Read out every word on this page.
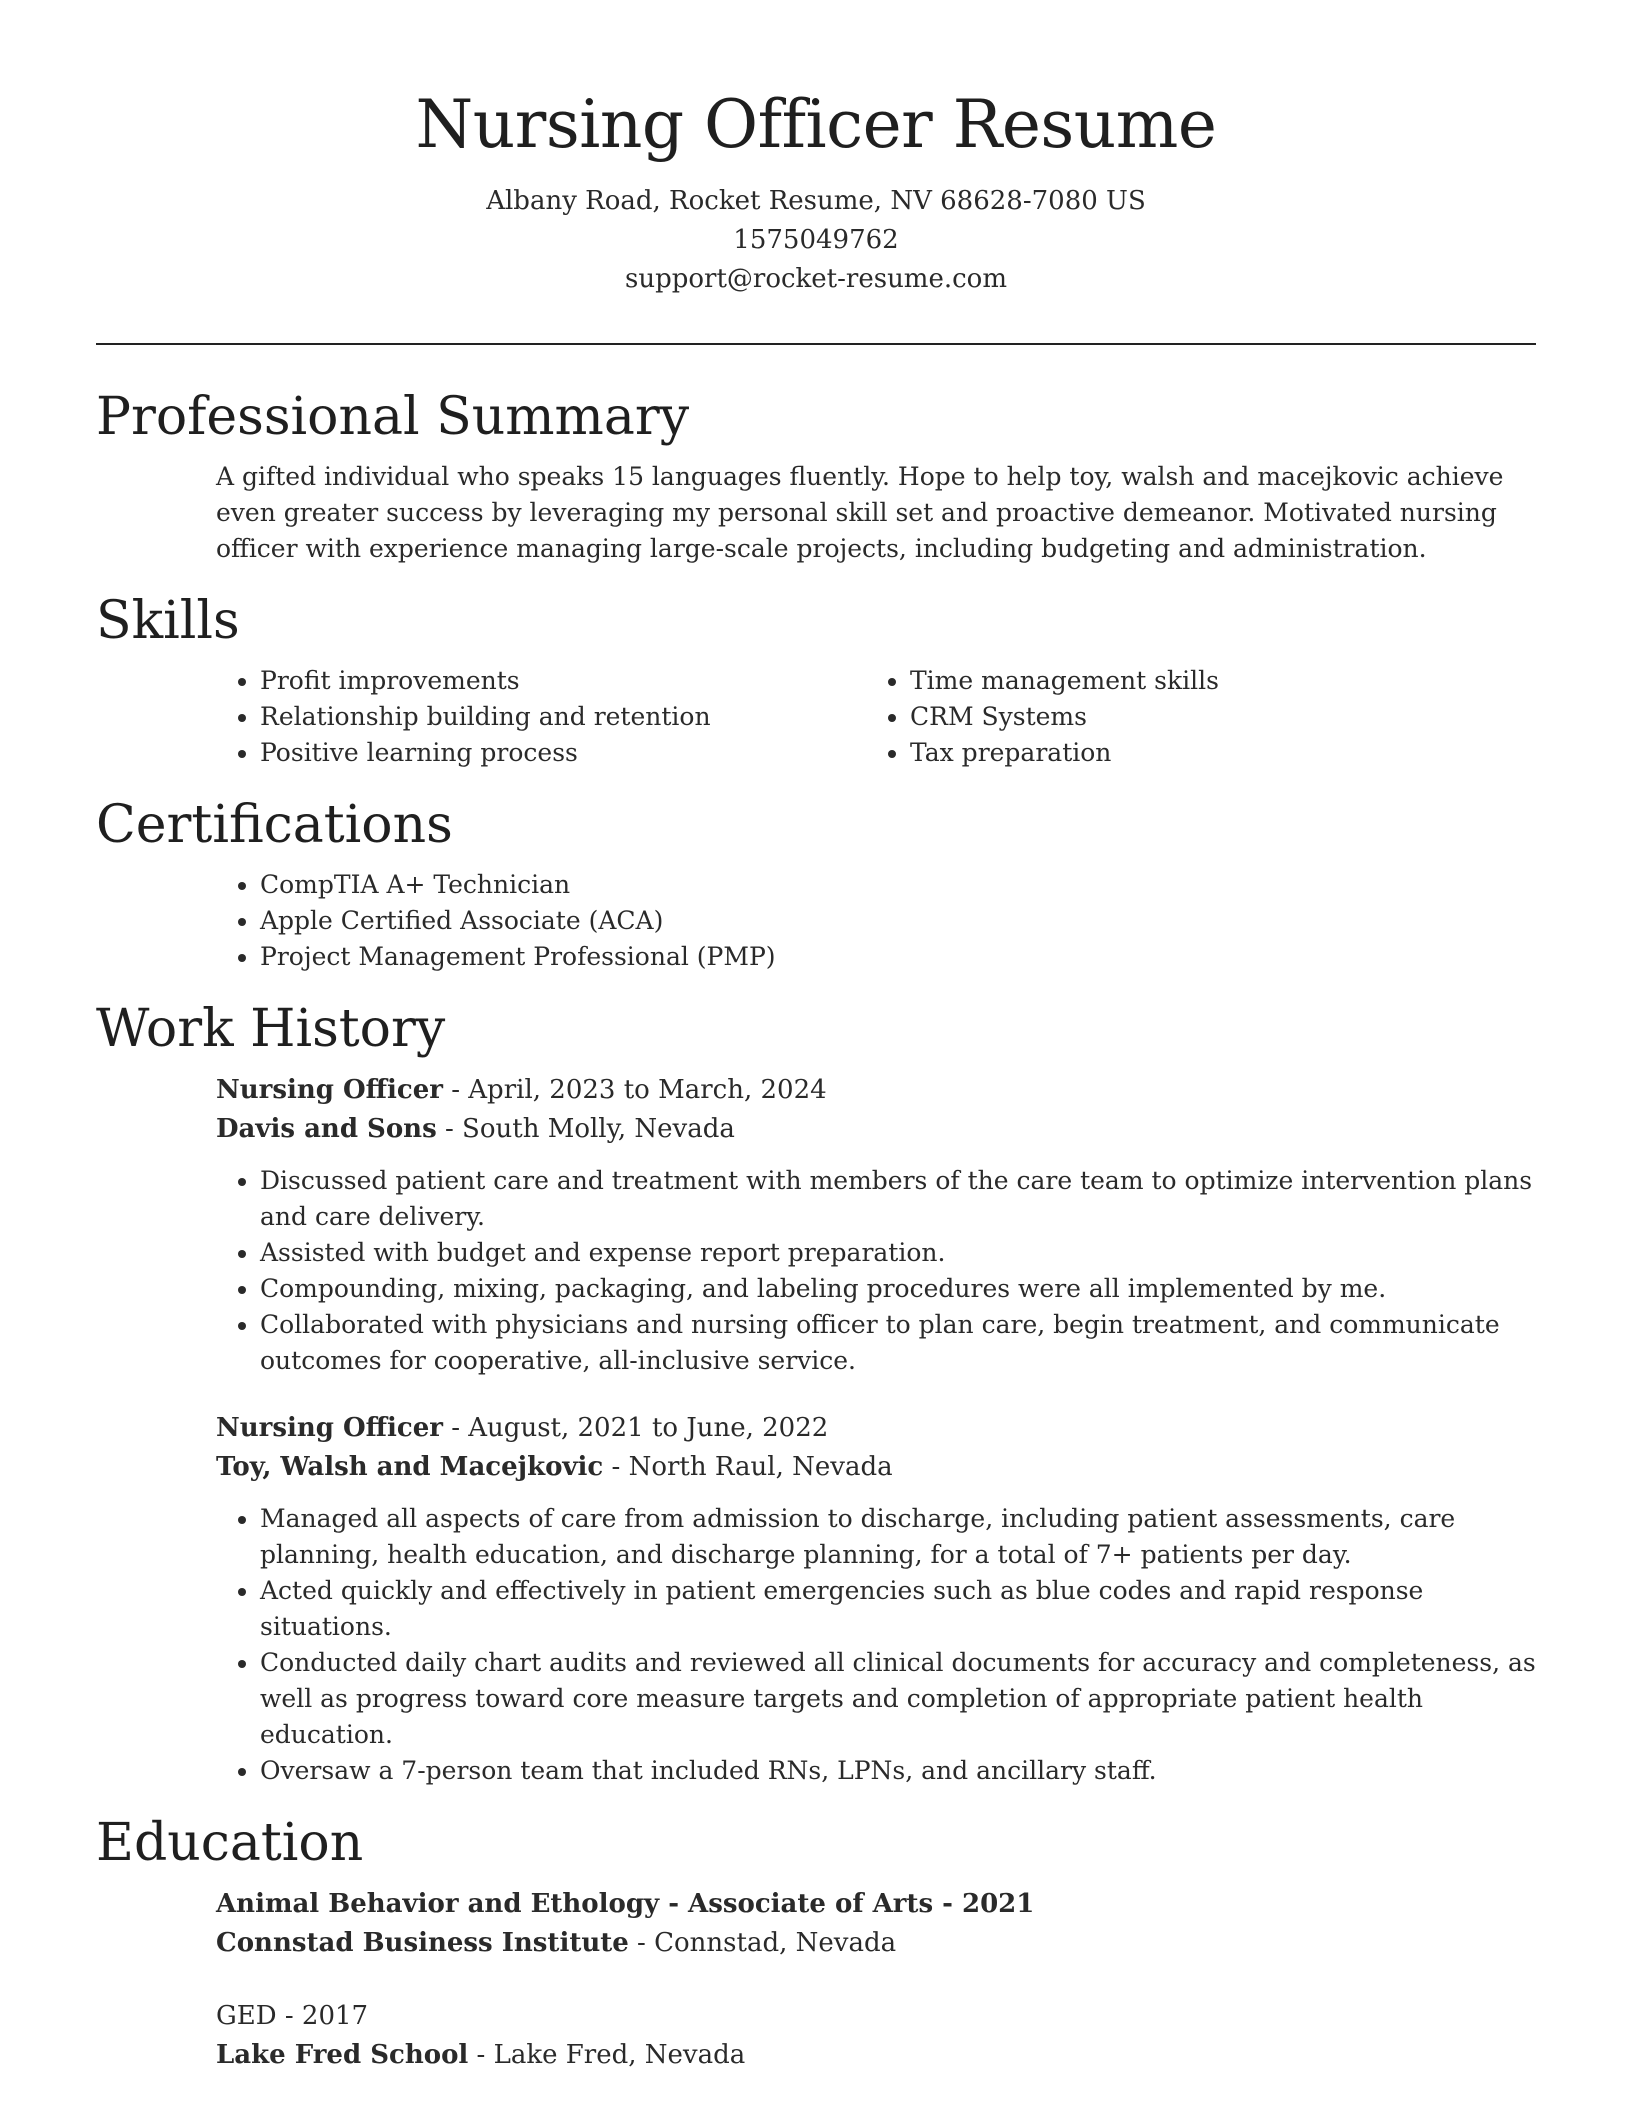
Nursing Officer Resume

Albany Road, Rocket Resume, NV 68628-7080 US

1575049762

support@rocket-resume.com

Professional Summary

A gifted individual who speaks 15 languages fluently. Hope to help toy, walsh and macejkovic achieve even greater success by leveraging my personal skill set and proactive demeanor. Motivated nursing officer with experience managing large-scale projects, including budgeting and administration.

Skills
• Profit improvements
• Relationship building and retention
• Positive learning process
• Time management skills
• CRM Systems
• Tax preparation
Certifications
• CompTIA A+ Technician
• Apple Certified Associate (ACA)
• Project Management Professional (PMP)
Work History

Nursing Officer - April, 2023 to March, 2024

Davis and Sons - South Molly, Nevada

• Discussed patient care and treatment with members of the care team to optimize intervention plans and care delivery.
• Assisted with budget and expense report preparation.
• Compounding, mixing, packaging, and labeling procedures were all implemented by me.
• Collaborated with physicians and nursing officer to plan care, begin treatment, and communicate outcomes for cooperative, all-inclusive service.

Nursing Officer - August, 2021 to June, 2022

Toy, Walsh and Macejkovic - North Raul, Nevada

• Managed all aspects of care from admission to discharge, including patient assessments, care planning, health education, and discharge planning, for a total of 7+ patients per day.
• Acted quickly and effectively in patient emergencies such as blue codes and rapid response situations.
• Conducted daily chart audits and reviewed all clinical documents for accuracy and completeness, as well as progress toward core measure targets and completion of appropriate patient health education.
• Oversaw a 7-person team that included RNs, LPNs, and ancillary staff.
Education

Animal Behavior and Ethology - Associate of Arts - 2021

Connstad Business Institute - Connstad, Nevada

GED - 2017

Lake Fred School - Lake Fred, Nevada
